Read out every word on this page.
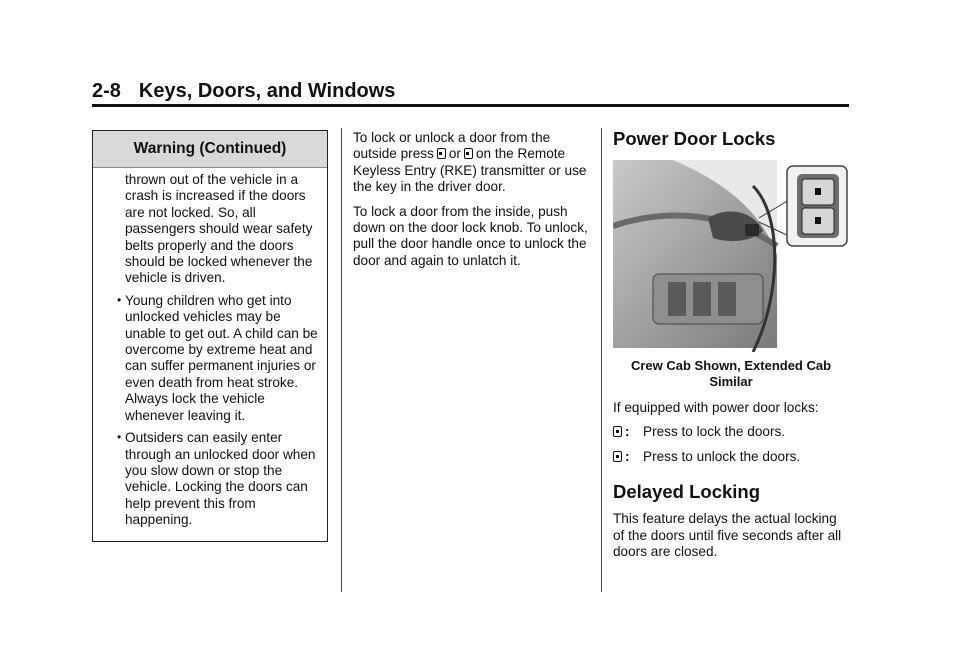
2-8 Keys, Doors, and Windows
Warning (Continued)

thrown out of the vehicle in a crash is increased if the doors are not locked. So, all passengers should wear safety belts properly and the doors should be locked whenever the vehicle is driven.

• Young children who get into unlocked vehicles may be unable to get out. A child can be overcome by extreme heat and can suffer permanent injuries or even death from heat stroke. Always lock the vehicle whenever leaving it.
• Outsiders can easily enter through an unlocked door when you slow down or stop the vehicle. Locking the doors can help prevent this from happening.

To lock or unlock a door from the outside press or on the Remote Keyless Entry (RKE) transmitter or use the key in the driver door.

To lock a door from the inside, push down on the door lock knob. To unlock, pull the door handle once to unlock the door and again to unlatch it.

Power Door Locks
Crew Cab Shown, Extended Cab Similar

If equipped with power door locks:

: Press to lock the doors.
: Press to unlock the doors.
Delayed Locking

This feature delays the actual locking of the doors until five seconds after all doors are closed.
